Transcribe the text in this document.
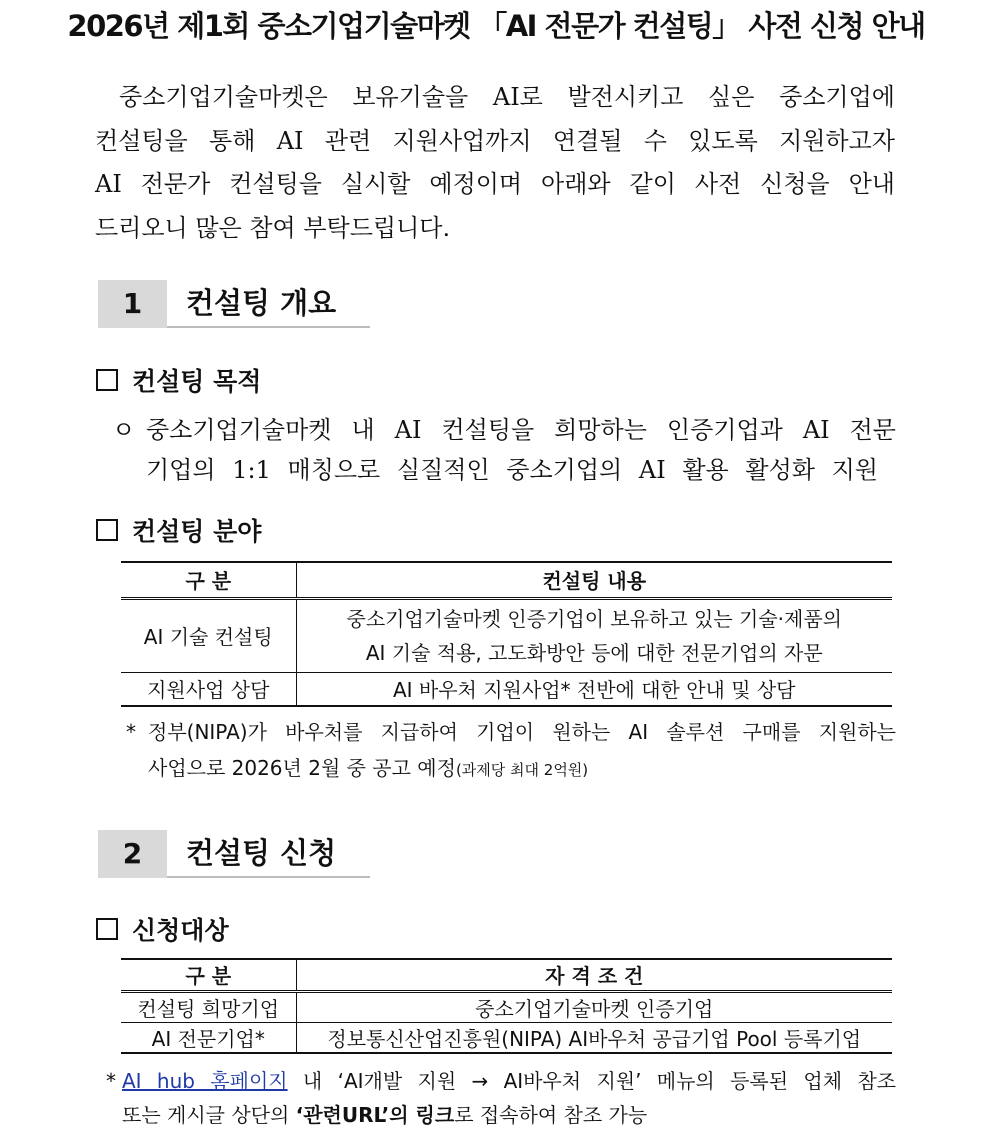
2026년 제1회 중소기업기술마켓 「AI 전문가 컨설팅」 사전 신청 안내

중소기업기술마켓은 보유기술을 AI로 발전시키고 싶은 중소기업에
컨설팅을 통해 AI 관련 지원사업까지 연결될 수 있도록 지원하고자
AI 전문가 컨설팅을 실시할 예정이며 아래와 같이 사전 신청을 안내
드리오니 많은 참여 부탁드립니다.

1	컨설팅 개요
컨설팅 목적
ㅇ 중소기업기술마켓 내 AI 컨설팅을 희망하는 인증기업과 AI 전문
기업의 1:1 매칭으로 실질적인 중소기업의 AI 활용 활성화 지원
컨설팅 분야
구 분	컨설팅 내용
AI 기술 컨설팅	중소기업기술마켓 인증기업이 보유하고 있는 기술·제품의
AI 기술 적용, 고도화방안 등에 대한 전문기업의 자문

지원사업 상담	AI 바우처 지원사업* 전반에 대한 안내 및 상담
* 정부(NIPA)가 바우처를 지급하여 기업이 원하는 AI 솔루션 구매를 지원하는
사업으로 2026년 2월 중 공고 예정(과제당 최대 2억원)
2	컨설팅 신청
신청대상
구 분	자 격 조 건
컨설팅 희망기업	중소기업기술마켓 인증기업
AI 전문기업*	정보통신산업진흥원(NIPA) AI바우처 공급기업 Pool 등록기업
* AI hub 홈페이지 내 ‘AI개발 지원 → AI바우처 지원’ 메뉴의 등록된 업체 참조
또는 게시글 상단의 ‘관련URL’의 링크로 접속하여 참조 가능
